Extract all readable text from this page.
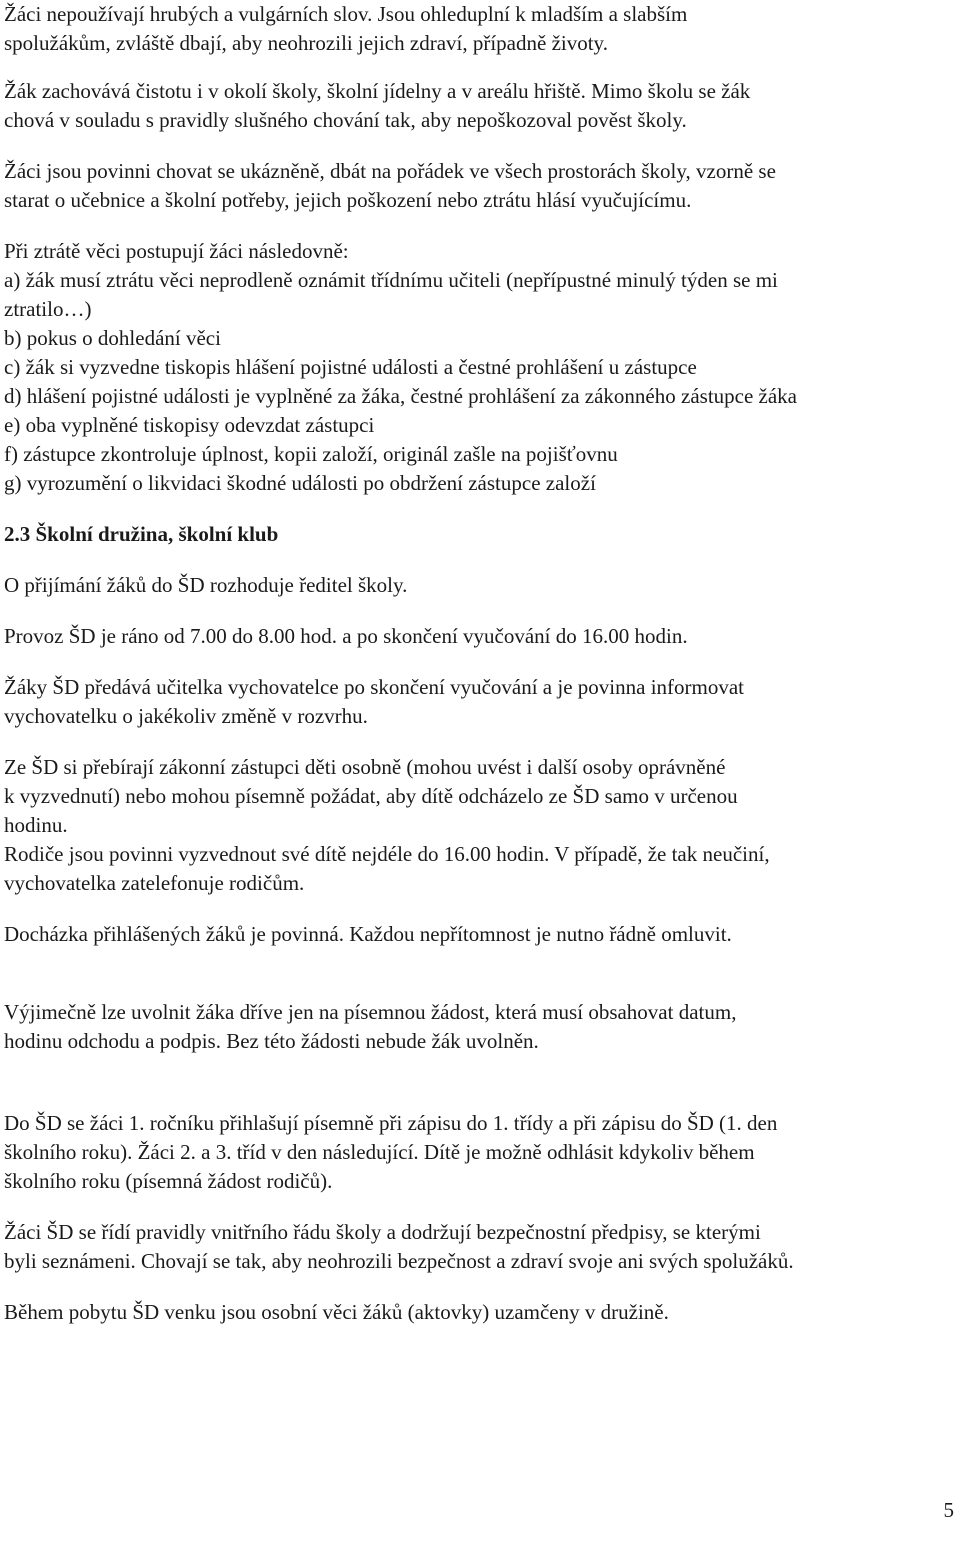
Žáci nepoužívají hrubých a vulgárních slov. Jsou ohleduplní k mladším a slabším
spolužákům, zvláště dbají, aby neohrozili jejich zdraví, případně životy.
Žák zachovává čistotu i v okolí školy, školní jídelny a v areálu hřiště. Mimo školu se žák
chová v souladu s pravidly slušného chování tak, aby nepoškozoval pověst školy.
Žáci jsou povinni chovat se ukázněně, dbát na pořádek ve všech prostorách školy, vzorně se
starat o učebnice a školní potřeby, jejich poškození nebo ztrátu hlásí vyučujícímu.
Při ztrátě věci postupují žáci následovně:
a) žák musí ztrátu věci neprodleně oznámit třídnímu učiteli (nepřípustné minulý týden se mi
ztratilo…)
b) pokus o dohledání věci
c) žák si vyzvedne tiskopis hlášení pojistné události a čestné prohlášení u zástupce
d) hlášení pojistné události je vyplněné za žáka, čestné prohlášení za zákonného zástupce žáka
e) oba vyplněné tiskopisy odevzdat zástupci
f) zástupce zkontroluje úplnost, kopii založí, originál zašle na pojišťovnu
g) vyrozumění o likvidaci škodné události po obdržení zástupce založí
2.3 Školní družina, školní klub
O přijímání žáků do ŠD rozhoduje ředitel školy.
Provoz ŠD je ráno od 7.00 do 8.00 hod. a po skončení vyučování do 16.00 hodin.
Žáky ŠD předává učitelka vychovatelce po skončení vyučování a je povinna informovat
vychovatelku o jakékoliv změně v rozvrhu.
Ze ŠD si přebírají zákonní zástupci děti osobně (mohou uvést i další osoby oprávněné
k vyzvednutí) nebo mohou písemně požádat, aby dítě odcházelo ze ŠD samo v určenou
hodinu.
Rodiče jsou povinni vyzvednout své dítě nejdéle do 16.00 hodin. V případě, že tak neučiní,
vychovatelka zatelefonuje rodičům.
Docházka přihlášených žáků je povinná. Každou nepřítomnost je nutno řádně omluvit.
Výjimečně lze uvolnit žáka dříve jen na písemnou žádost, která musí obsahovat datum,
hodinu odchodu a podpis. Bez této žádosti nebude žák uvolněn.
Do ŠD se žáci 1. ročníku přihlašují písemně při zápisu do 1. třídy a při zápisu do ŠD (1. den
školního roku). Žáci 2. a 3. tříd v den následující. Dítě je možně odhlásit kdykoliv během
školního roku (písemná žádost rodičů).
Žáci ŠD se řídí pravidly vnitřního řádu školy a dodržují bezpečnostní předpisy, se kterými
byli seznámeni. Chovají se tak, aby neohrozili bezpečnost a zdraví svoje ani svých spolužáků.
Během pobytu ŠD venku jsou osobní věci žáků (aktovky) uzamčeny v družině.
5
